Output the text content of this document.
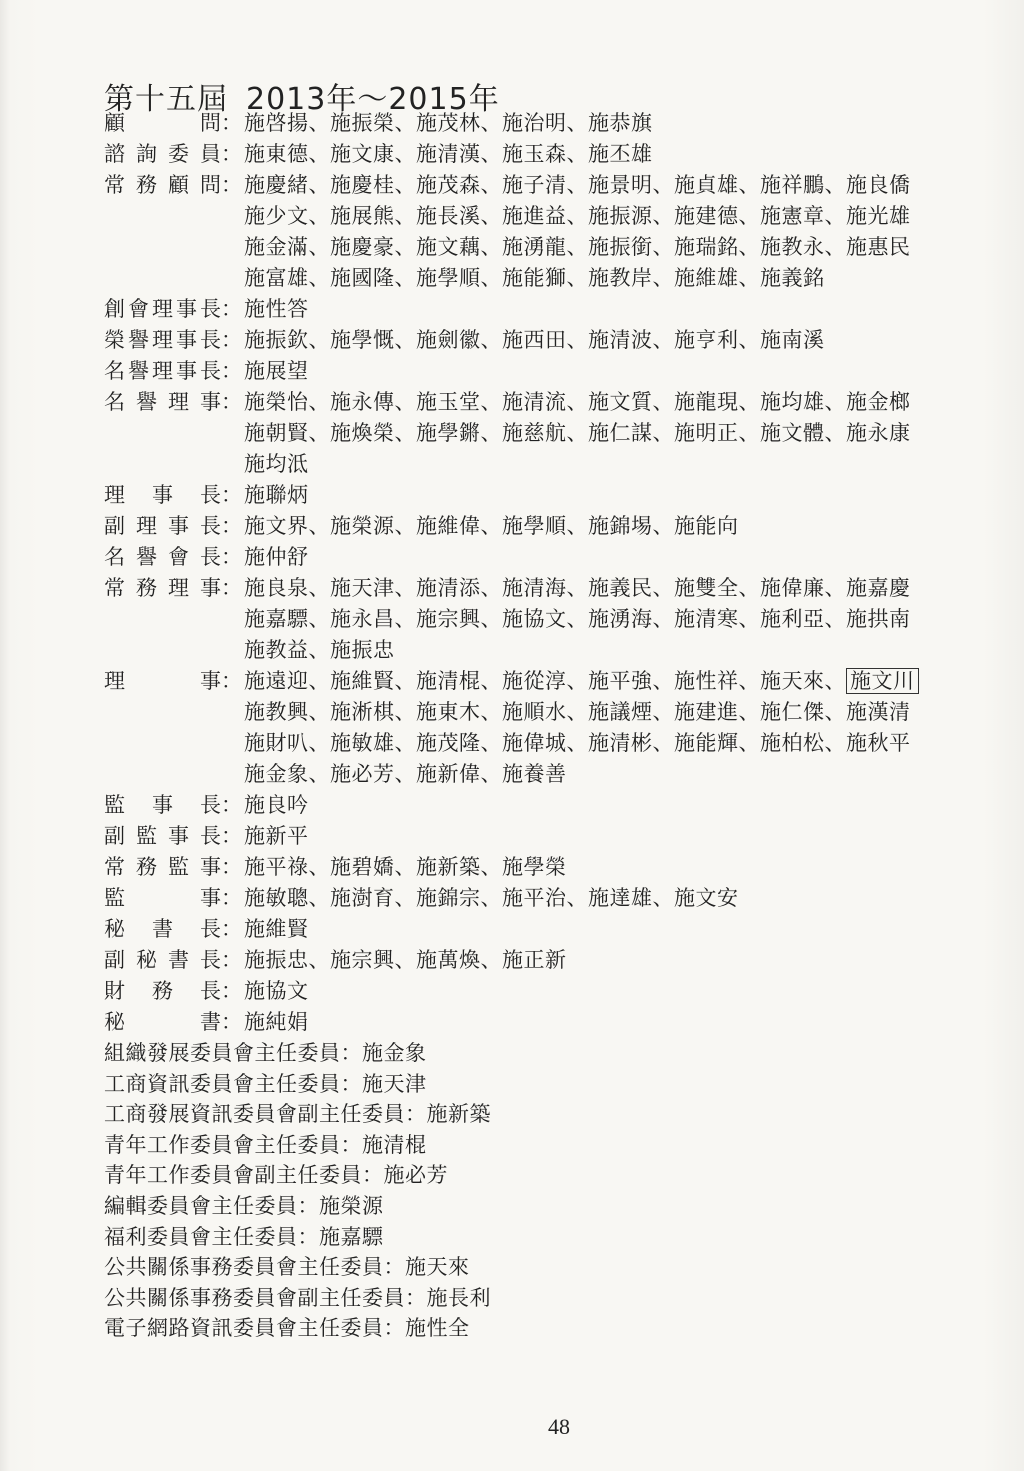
第十五屆 2013年～2015年
顧問 ： 施啓揚、施振榮、施茂林、施治明、施恭旗
諮詢委員 ： 施東德、施文康、施清漢、施玉森、施丕雄
常務顧問 ： 施慶緒、施慶桂、施茂森、施子清、施景明、施貞雄、施祥鵬、施良僑
施少文、施展熊、施長溪、施進益、施振源、施建德、施憲章、施光雄
施金滿、施慶豪、施文藕、施湧龍、施振銜、施瑞銘、施教永、施惠民
施富雄、施國隆、施學順、施能獅、施教岸、施維雄、施義銘
創會理事長 ： 施性答
榮譽理事長 ： 施振欽、施學慨、施劍徽、施西田、施清波、施亨利、施南溪
名譽理事長 ： 施展望
名譽理事 ： 施榮怡、施永傳、施玉堂、施清流、施文質、施龍現、施均雄、施金榔
施朝賢、施煥榮、施學鏘、施慈航、施仁謀、施明正、施文體、施永康
施均泜
理事長 ： 施聯炳
副理事長 ： 施文界、施榮源、施維偉、施學順、施錦埸、施能向
名譽會長 ： 施仲舒
常務理事 ： 施良泉、施天津、施清添、施清海、施義民、施雙全、施偉廉、施嘉慶
施嘉驃、施永昌、施宗興、施協文、施湧海、施清寒、施利亞、施拱南
施教益、施振忠
理事 ： 施遠迎、施維賢、施清棍、施從淳、施平強、施性祥、施天來、 施文川
施教興、施淅棋、施東木、施順水、施議煙、施建進、施仁傑、施漢清
施財叭、施敏雄、施茂隆、施偉城、施清彬、施能輝、施柏松、施秋平
施金象、施必芳、施新偉、施養善
監事長 ： 施良吟
副監事長 ： 施新平
常務監事 ： 施平祿、施碧嬌、施新築、施學榮
監事 ： 施敏聰、施澍育、施錦宗、施平治、施達雄、施文安
秘書長 ： 施維賢
副秘書長 ： 施振忠、施宗興、施萬煥、施正新
財務長 ： 施協文
秘書 ： 施純娟
組織發展委員會主任委員：施金象
工商資訊委員會主任委員：施天津
工商發展資訊委員會副主任委員：施新築
青年工作委員會主任委員：施清棍
青年工作委員會副主任委員：施必芳
編輯委員會主任委員：施榮源
福利委員會主任委員：施嘉驃
公共關係事務委員會主任委員：施天來
公共關係事務委員會副主任委員：施長利
電子網路資訊委員會主任委員：施性全
48
